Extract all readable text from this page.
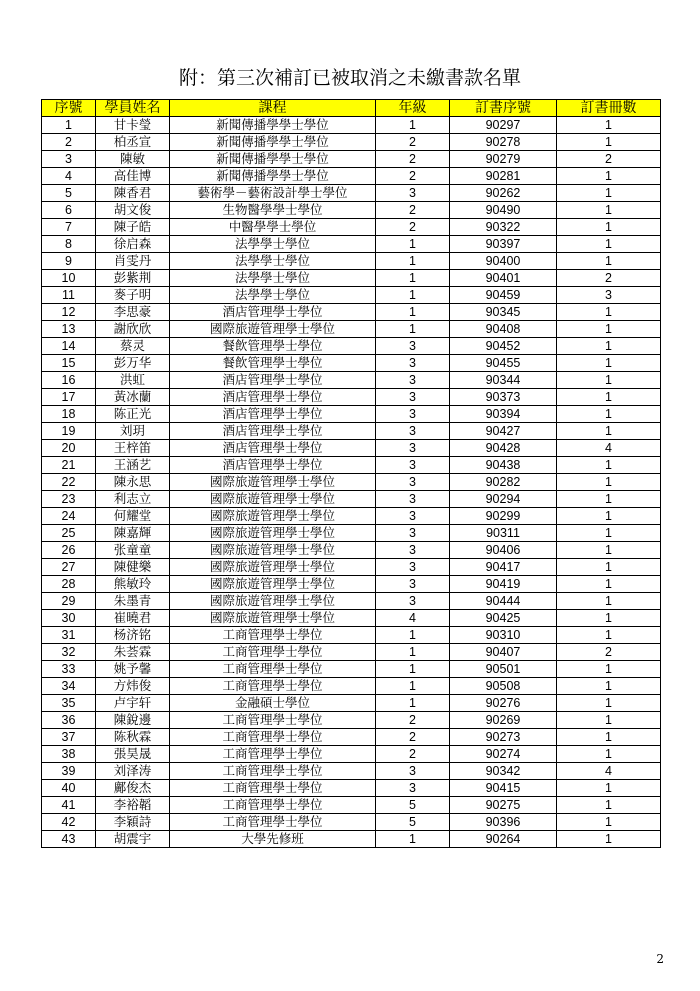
附：第三次補訂已被取消之未繳書款名單
序號	學員姓名	課程	年級	訂書序號	訂書冊數
1	甘卡瑩	新聞傳播學學士學位	1	90297	1
2	柏丞宣	新聞傳播學學士學位	2	90278	1
3	陳敏	新聞傳播學學士學位	2	90279	2
4	高佳博	新聞傳播學學士學位	2	90281	1
5	陳香君	藝術學－藝術設計學士學位	3	90262	1
6	胡文俊	生物醫學學士學位	2	90490	1
7	陳子皓	中醫學學士學位	2	90322	1
8	徐启森	法學學士學位	1	90397	1
9	肖雯丹	法學學士學位	1	90400	1
10	彭紫荆	法學學士學位	1	90401	2
11	麥子明	法學學士學位	1	90459	3
12	李思豪	酒店管理學士學位	1	90345	1
13	謝欣欣	國際旅遊管理學士學位	1	90408	1
14	蔡灵	餐飲管理學士學位	3	90452	1
15	彭万华	餐飲管理學士學位	3	90455	1
16	洪虹	酒店管理學士學位	3	90344	1
17	黃冰蘭	酒店管理學士學位	3	90373	1
18	陈正光	酒店管理學士學位	3	90394	1
19	刘玥	酒店管理學士學位	3	90427	1
20	王梓笛	酒店管理學士學位	3	90428	4
21	王涵艺	酒店管理學士學位	3	90438	1
22	陳永思	國際旅遊管理學士學位	3	90282	1
23	利志立	國際旅遊管理學士學位	3	90294	1
24	何耀堂	國際旅遊管理學士學位	3	90299	1
25	陳嘉輝	國際旅遊管理學士學位	3	90311	1
26	张童童	國際旅遊管理學士學位	3	90406	1
27	陳健樂	國際旅遊管理學士學位	3	90417	1
28	熊敏玲	國際旅遊管理學士學位	3	90419	1
29	朱墨青	國際旅遊管理學士學位	3	90444	1
30	崔曉君	國際旅遊管理學士學位	4	90425	1
31	杨济铭	工商管理學士學位	1	90310	1
32	朱荟霖	工商管理學士學位	1	90407	2
33	姚予馨	工商管理學士學位	1	90501	1
34	方炜俊	工商管理學士學位	1	90508	1
35	卢宇轩	金融碩士學位	1	90276	1
36	陳銳邊	工商管理學士學位	2	90269	1
37	陈秋霖	工商管理學士學位	2	90273	1
38	張昊晟	工商管理學士學位	2	90274	1
39	刘泽涛	工商管理學士學位	3	90342	4
40	鄺俊杰	工商管理學士學位	3	90415	1
41	李裕韜	工商管理學士學位	5	90275	1
42	李穎詩	工商管理學士學位	5	90396	1
43	胡震宇	大學先修班	1	90264	1
2
